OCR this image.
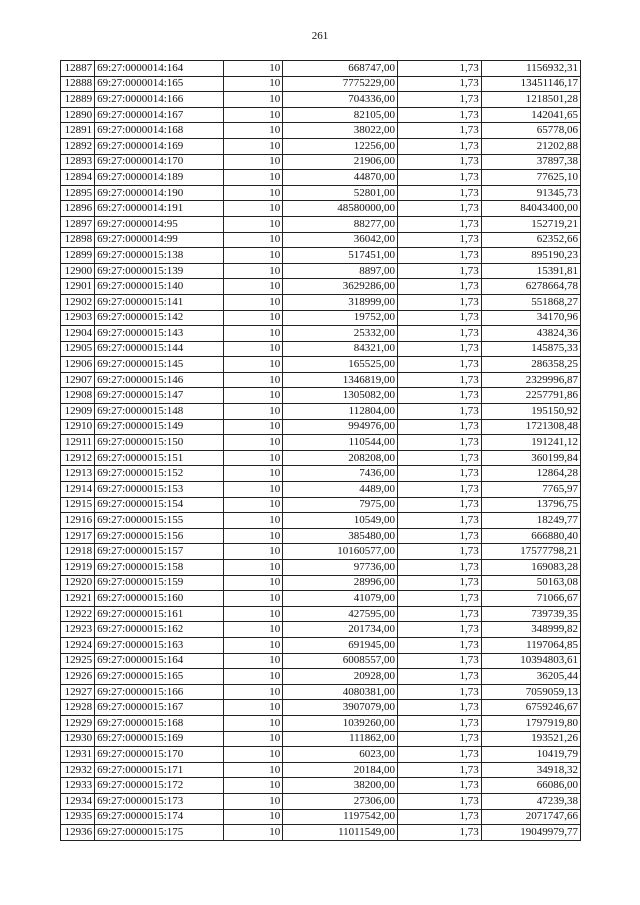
261
12887	69:27:0000014:164	10	668747,00	1,73	1156932,31
12888	69:27:0000014:165	10	7775229,00	1,73	13451146,17
12889	69:27:0000014:166	10	704336,00	1,73	1218501,28
12890	69:27:0000014:167	10	82105,00	1,73	142041,65
12891	69:27:0000014:168	10	38022,00	1,73	65778,06
12892	69:27:0000014:169	10	12256,00	1,73	21202,88
12893	69:27:0000014:170	10	21906,00	1,73	37897,38
12894	69:27:0000014:189	10	44870,00	1,73	77625,10
12895	69:27:0000014:190	10	52801,00	1,73	91345,73
12896	69:27:0000014:191	10	48580000,00	1,73	84043400,00
12897	69:27:0000014:95	10	88277,00	1,73	152719,21
12898	69:27:0000014:99	10	36042,00	1,73	62352,66
12899	69:27:0000015:138	10	517451,00	1,73	895190,23
12900	69:27:0000015:139	10	8897,00	1,73	15391,81
12901	69:27:0000015:140	10	3629286,00	1,73	6278664,78
12902	69:27:0000015:141	10	318999,00	1,73	551868,27
12903	69:27:0000015:142	10	19752,00	1,73	34170,96
12904	69:27:0000015:143	10	25332,00	1,73	43824,36
12905	69:27:0000015:144	10	84321,00	1,73	145875,33
12906	69:27:0000015:145	10	165525,00	1,73	286358,25
12907	69:27:0000015:146	10	1346819,00	1,73	2329996,87
12908	69:27:0000015:147	10	1305082,00	1,73	2257791,86
12909	69:27:0000015:148	10	112804,00	1,73	195150,92
12910	69:27:0000015:149	10	994976,00	1,73	1721308,48
12911	69:27:0000015:150	10	110544,00	1,73	191241,12
12912	69:27:0000015:151	10	208208,00	1,73	360199,84
12913	69:27:0000015:152	10	7436,00	1,73	12864,28
12914	69:27:0000015:153	10	4489,00	1,73	7765,97
12915	69:27:0000015:154	10	7975,00	1,73	13796,75
12916	69:27:0000015:155	10	10549,00	1,73	18249,77
12917	69:27:0000015:156	10	385480,00	1,73	666880,40
12918	69:27:0000015:157	10	10160577,00	1,73	17577798,21
12919	69:27:0000015:158	10	97736,00	1,73	169083,28
12920	69:27:0000015:159	10	28996,00	1,73	50163,08
12921	69:27:0000015:160	10	41079,00	1,73	71066,67
12922	69:27:0000015:161	10	427595,00	1,73	739739,35
12923	69:27:0000015:162	10	201734,00	1,73	348999,82
12924	69:27:0000015:163	10	691945,00	1,73	1197064,85
12925	69:27:0000015:164	10	6008557,00	1,73	10394803,61
12926	69:27:0000015:165	10	20928,00	1,73	36205,44
12927	69:27:0000015:166	10	4080381,00	1,73	7059059,13
12928	69:27:0000015:167	10	3907079,00	1,73	6759246,67
12929	69:27:0000015:168	10	1039260,00	1,73	1797919,80
12930	69:27:0000015:169	10	111862,00	1,73	193521,26
12931	69:27:0000015:170	10	6023,00	1,73	10419,79
12932	69:27:0000015:171	10	20184,00	1,73	34918,32
12933	69:27:0000015:172	10	38200,00	1,73	66086,00
12934	69:27:0000015:173	10	27306,00	1,73	47239,38
12935	69:27:0000015:174	10	1197542,00	1,73	2071747,66
12936	69:27:0000015:175	10	11011549,00	1,73	19049979,77
